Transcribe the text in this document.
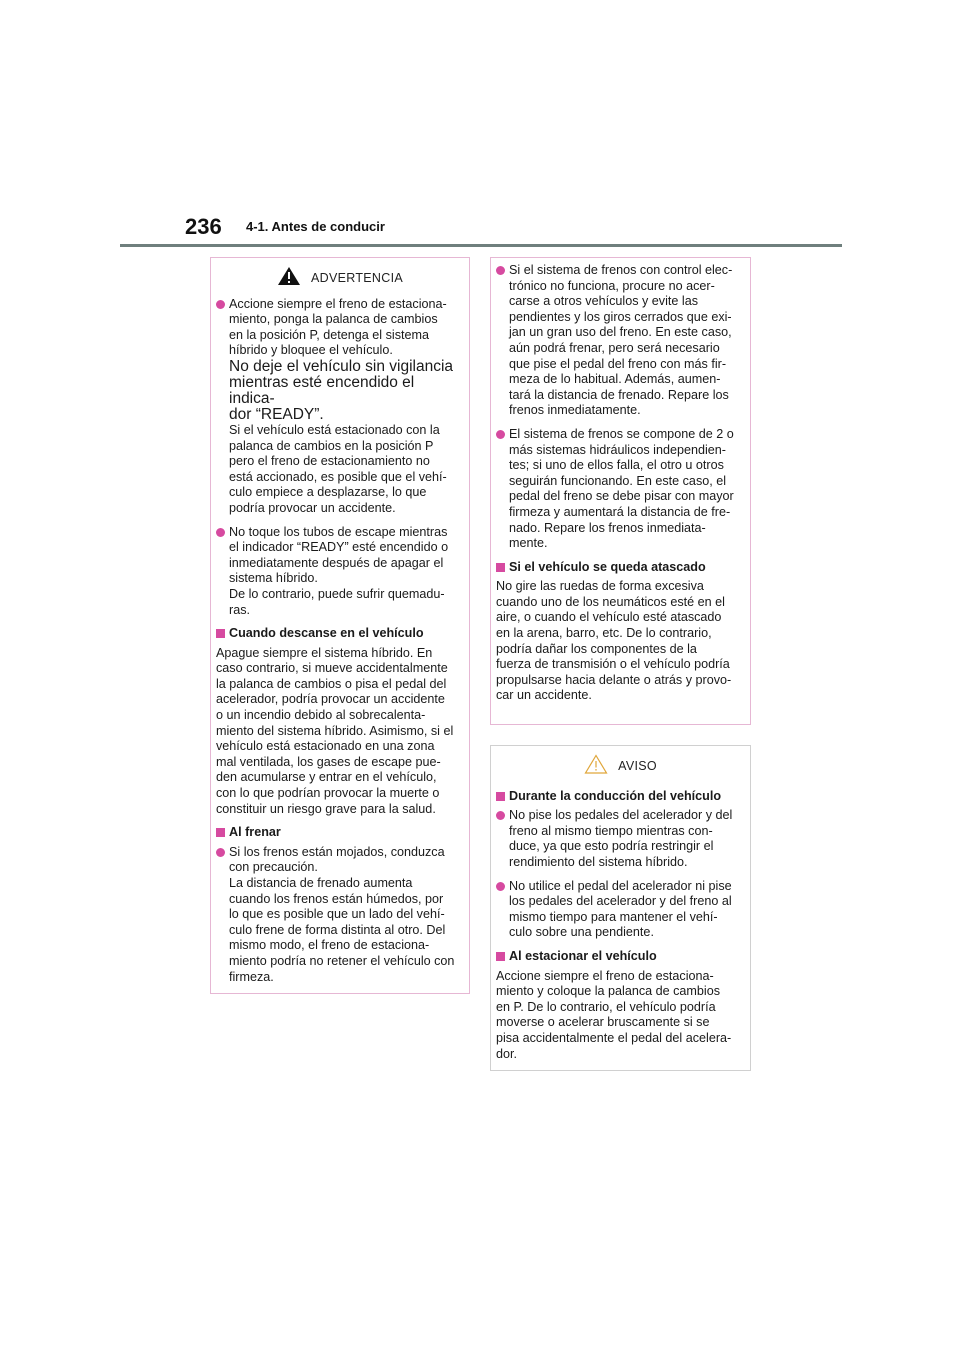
236 4-1. Antes de conducir
ADVERTENCIA
Accione siempre el freno de estaciona-
miento, ponga la palanca de cambios
en la posición P, detenga el sistema
híbrido y bloquee el vehículo.
No deje el vehículo sin vigilancia
mientras esté encendido el indica-
dor “READY”.
Si el vehículo está estacionado con la
palanca de cambios en la posición P
pero el freno de estacionamiento no
está accionado, es posible que el vehí-
culo empiece a desplazarse, lo que
podría provocar un accidente.
No toque los tubos de escape mientras
el indicador “READY” esté encendido o
inmediatamente después de apagar el
sistema híbrido.
De lo contrario, puede sufrir quemadu-
ras.
Cuando descanse en el vehículo
Apague siempre el sistema híbrido. En
caso contrario, si mueve accidentalmente
la palanca de cambios o pisa el pedal del
acelerador, podría provocar un accidente
o un incendio debido al sobrecalenta-
miento del sistema híbrido. Asimismo, si el
vehículo está estacionado en una zona
mal ventilada, los gases de escape pue-
den acumularse y entrar en el vehículo,
con lo que podrían provocar la muerte o
constituir un riesgo grave para la salud.
Al frenar
Si los frenos están mojados, conduzca
con precaución.
La distancia de frenado aumenta
cuando los frenos están húmedos, por
lo que es posible que un lado del vehí-
culo frene de forma distinta al otro. Del
mismo modo, el freno de estaciona-
miento podría no retener el vehículo con
firmeza.
Si el sistema de frenos con control elec-
trónico no funciona, procure no acer-
carse a otros vehículos y evite las
pendientes y los giros cerrados que exi-
jan un gran uso del freno. En este caso,
aún podrá frenar, pero será necesario
que pise el pedal del freno con más fir-
meza de lo habitual. Además, aumen-
tará la distancia de frenado. Repare los
frenos inmediatamente.
El sistema de frenos se compone de 2 o
más sistemas hidráulicos independien-
tes; si uno de ellos falla, el otro u otros
seguirán funcionando. En este caso, el
pedal del freno se debe pisar con mayor
firmeza y aumentará la distancia de fre-
nado. Repare los frenos inmediata-
mente.
Si el vehículo se queda atascado
No gire las ruedas de forma excesiva
cuando uno de los neumáticos esté en el
aire, o cuando el vehículo esté atascado
en la arena, barro, etc. De lo contrario,
podría dañar los componentes de la
fuerza de transmisión o el vehículo podría
propulsarse hacia delante o atrás y provo-
car un accidente.
AVISO
Durante la conducción del vehículo
No pise los pedales del acelerador y del
freno al mismo tiempo mientras con-
duce, ya que esto podría restringir el
rendimiento del sistema híbrido.
No utilice el pedal del acelerador ni pise
los pedales del acelerador y del freno al
mismo tiempo para mantener el vehí-
culo sobre una pendiente.
Al estacionar el vehículo
Accione siempre el freno de estaciona-
miento y coloque la palanca de cambios
en P. De lo contrario, el vehículo podría
moverse o acelerar bruscamente si se
pisa accidentalmente el pedal del acelera-
dor.
